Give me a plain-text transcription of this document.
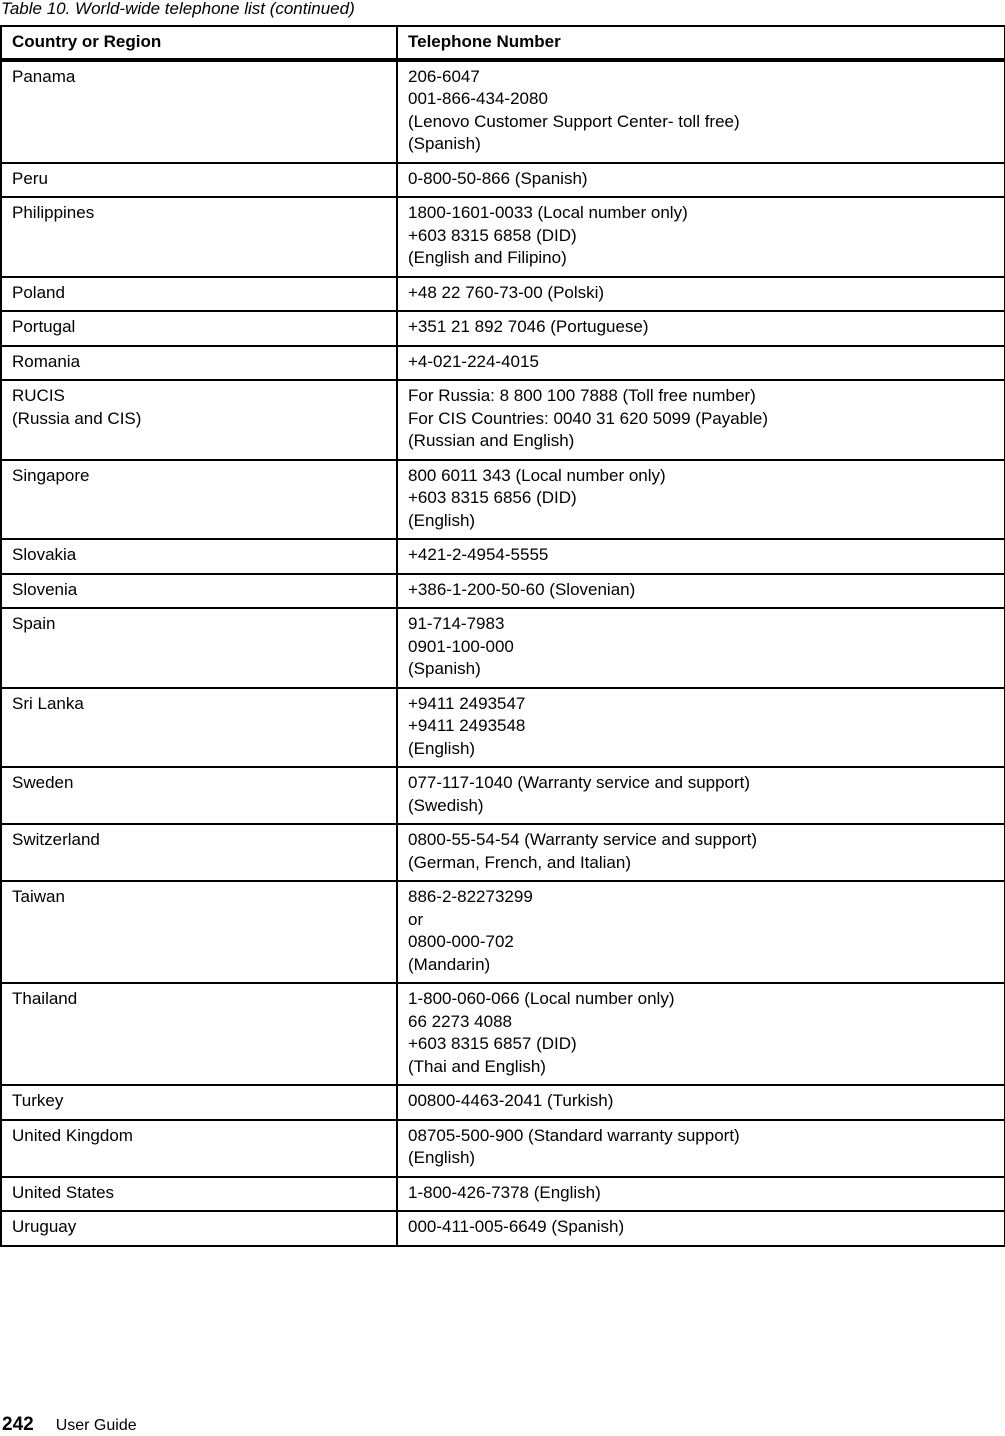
Table 10. World-wide telephone list (continued)
Country or Region	Telephone Number

Panama	206-6047
001-866-434-2080
(Lenovo Customer Support Center- toll free)
(Spanish)

Peru	0-800-50-866 (Spanish)

Philippines	1800-1601-0033 (Local number only)
+603 8315 6858 (DID)
(English and Filipino)

Poland	+48 22 760-73-00 (Polski)

Portugal	+351 21 892 7046 (Portuguese)

Romania	+4-021-224-4015

RUCIS
(Russia and CIS)	For Russia: 8 800 100 7888 (Toll free number)
For CIS Countries: 0040 31 620 5099 (Payable)
(Russian and English)

Singapore	800 6011 343 (Local number only)
+603 8315 6856 (DID)
(English)

Slovakia	+421-2-4954-5555

Slovenia	+386-1-200-50-60 (Slovenian)

Spain	91-714-7983
0901-100-000
(Spanish)

Sri Lanka	+9411 2493547
+9411 2493548
(English)

Sweden	077-117-1040 (Warranty service and support)
(Swedish)

Switzerland	0800-55-54-54 (Warranty service and support)
(German, French, and Italian)

Taiwan	886-2-82273299
or
0800-000-702
(Mandarin)

Thailand	1-800-060-066 (Local number only)
66 2273 4088
+603 8315 6857 (DID)
(Thai and English)

Turkey	00800-4463-2041 (Turkish)

United Kingdom	08705-500-900 (Standard warranty support)
(English)

United States	1-800-426-7378 (English)

Uruguay	000-411-005-6649 (Spanish)
242 User Guide
